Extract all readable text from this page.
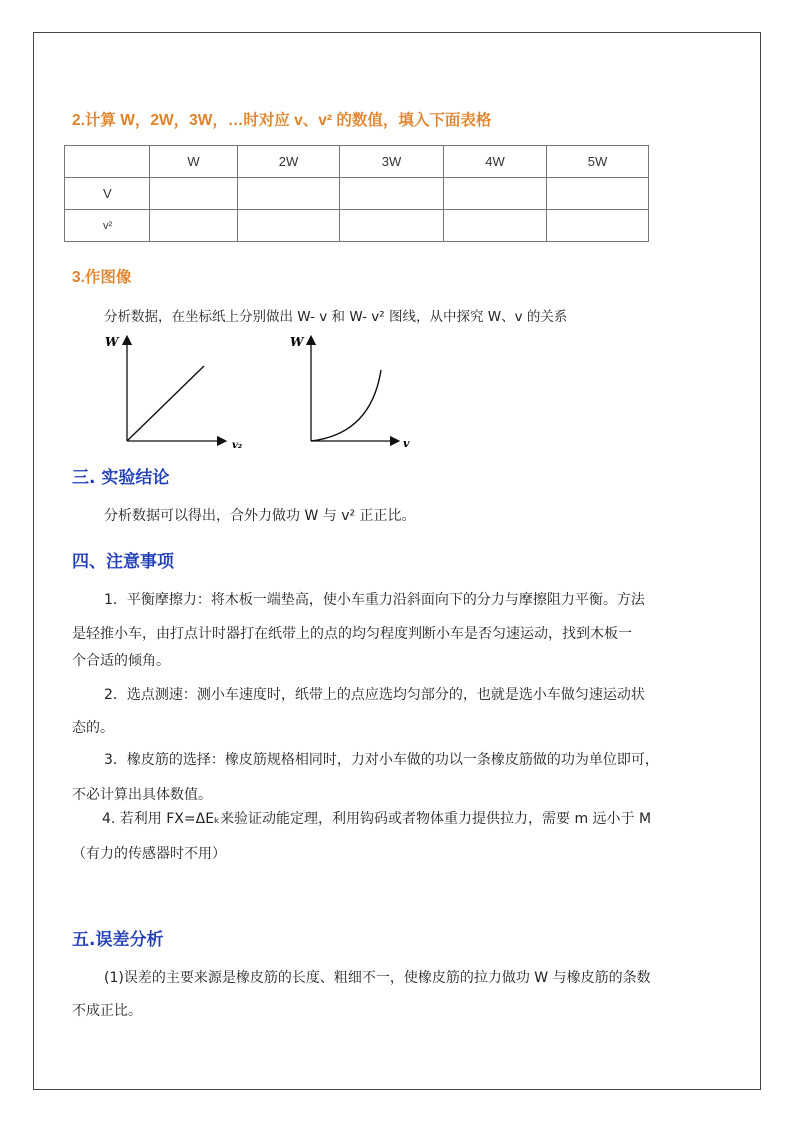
2.计算 W，2W，3W，…时对应 v、v² 的数值，填入下面表格
	W	2W	3W	4W	5W
V					
v²					
3.作图像
分析数据，在坐标纸上分别做出 W- v 和 W- v² 图线，从中探究 W、v 的关系
W
v₂
W
v
三. 实验结论
分析数据可以得出，合外力做功 W 与 v² 正正比。
四、注意事项
1．平衡摩擦力：将木板一端垫高，使小车重力沿斜面向下的分力与摩擦阻力平衡。方法
是轻推小车，由打点计时器打在纸带上的点的均匀程度判断小车是否匀速运动，找到木板一
个合适的倾角。
2．选点测速：测小车速度时，纸带上的点应选均匀部分的，也就是选小车做匀速运动状
态的。
3．橡皮筋的选择：橡皮筋规格相同时，力对小车做的功以一条橡皮筋做的功为单位即可，
不必计算出具体数值。
4. 若利用 FX=ΔEₖ来验证动能定理，利用钩码或者物体重力提供拉力，需要 m 远小于 M
（有力的传感器时不用）
五.误差分析
(1)误差的主要来源是橡皮筋的长度、粗细不一，使橡皮筋的拉力做功 W 与橡皮筋的条数
不成正比。
